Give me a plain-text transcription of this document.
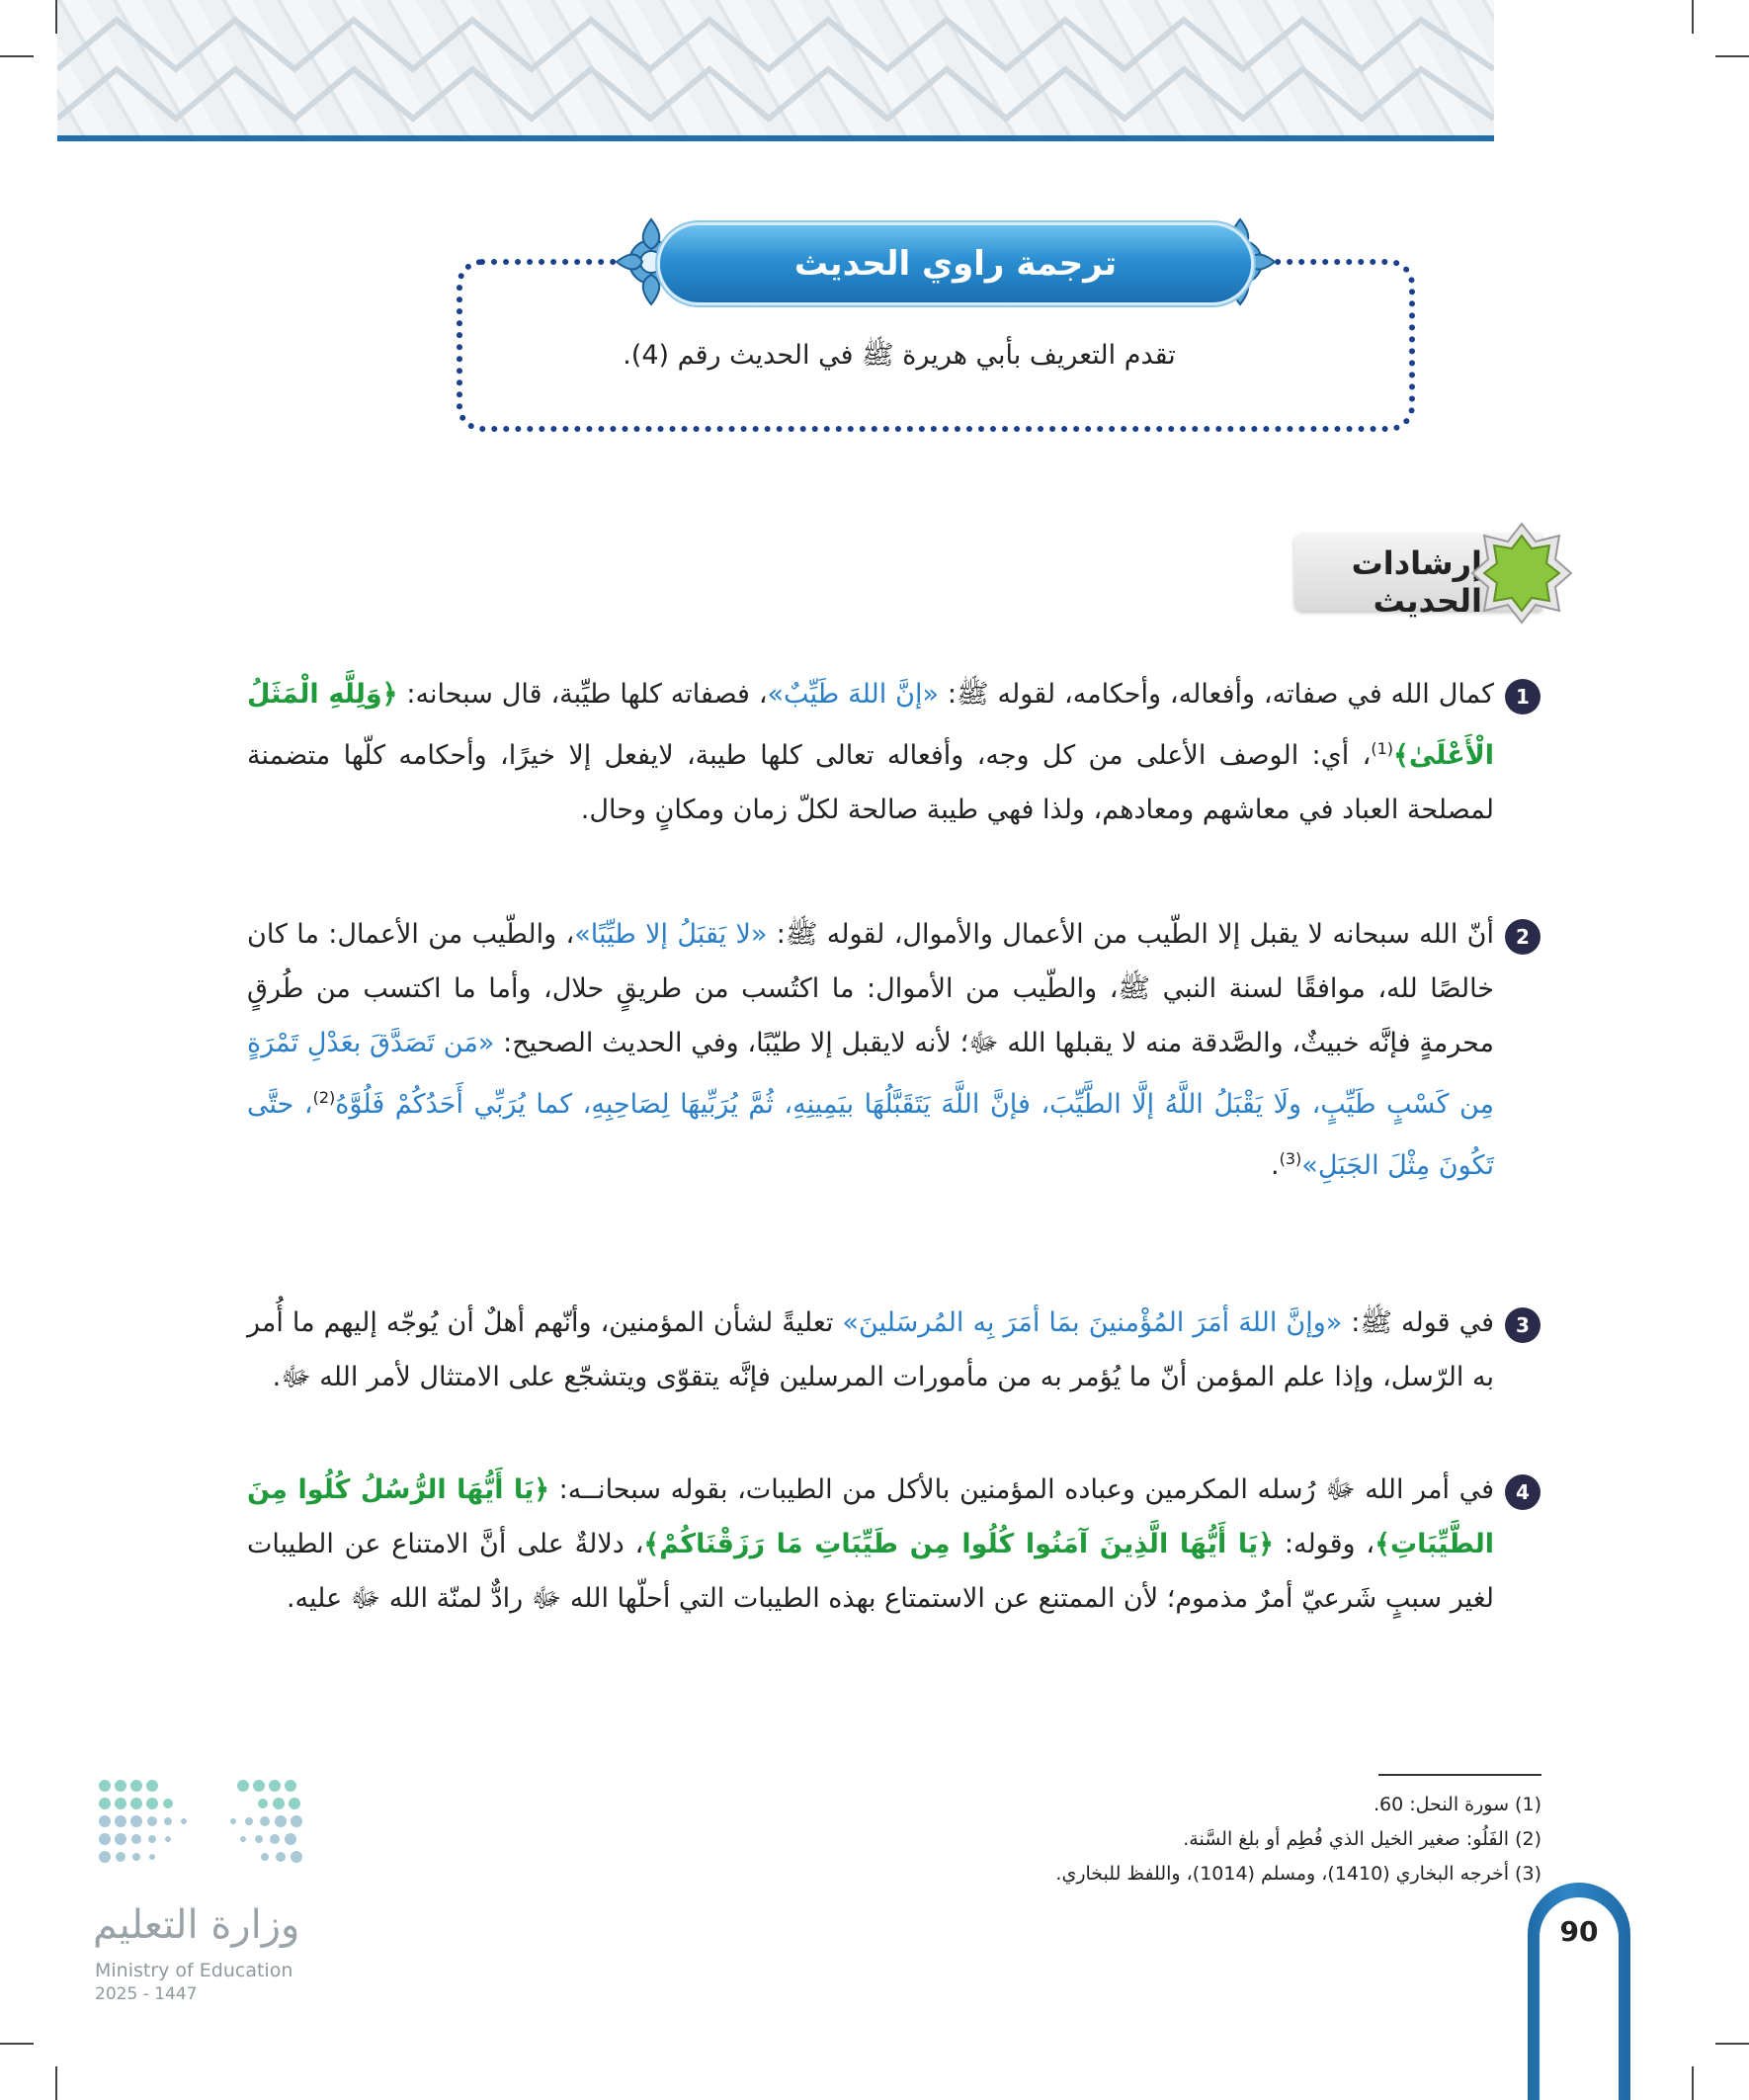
ترجمة راوي الحديث
تقدم التعريف بأبي هريرة ﷺ في الحديث رقم (4).
إرشادات الحديث
1
كمال الله في صفاته، وأفعاله، وأحكامه، لقوله ﷺ: «إنَّ اللهَ طَيِّبٌ»، فصفاته كلها طيِّبة، قال سبحانه: ﴿وَلِلَّهِ الْمَثَلُ الْأَعْلَىٰ﴾$^{(1)}$، أي: الوصف الأعلى من كل وجه، وأفعاله تعالى كلها طيبة، لايفعل إلا خيرًا، وأحكامه كلّها متضمنة لمصلحة العباد في معاشهم ومعادهم، ولذا فهي طيبة صالحة لكلّ زمان ومكانٍ وحال.
2
أنّ الله سبحانه لا يقبل إلا الطّيب من الأعمال والأموال، لقوله ﷺ: «لا يَقبَلُ إلا طيِّبًا»، والطّيب من الأعمال: ما كان خالصًا لله، موافقًا لسنة النبي ﷺ، والطّيب من الأموال: ما اكتُسب من طريقٍ حلال، وأما ما اكتسب من طُرقٍ محرمةٍ فإنَّه خبيثٌ، والصَّدقة منه لا يقبلها الله ﷻ؛ لأنه لايقبل إلا طيّبًا، وفي الحديث الصحيح: «مَن تَصَدَّقَ بعَدْلِ تَمْرَةٍ مِن كَسْبٍ طَيِّبٍ، ولَا يَقْبَلُ اللَّهُ إلَّا الطَّيِّبَ، فإنَّ اللَّهَ يَتَقَبَّلُهَا بيَمِينِهِ، ثُمَّ يُرَبِّيهَا لِصَاحِبِهِ، كما يُرَبِّي أَحَدُكُمْ فَلُوَّهُ$^{(2)}$، حتَّى تَكُونَ مِثْلَ الجَبَلِ»$^{(3)}$.
3
في قوله ﷺ: «وإنَّ اللهَ أمَرَ المُؤْمنينَ بمَا أمَرَ بِه المُرسَلينَ» تعليةً لشأن المؤمنين، وأنّهم أهلٌ أن يُوجّه إليهم ما أُمر به الرّسل، وإذا علم المؤمن أنّ ما يُؤمر به من مأمورات المرسلين فإنَّه يتقوّى ويتشجّع على الامتثال لأمر الله ﷻ.
4
في أمر الله ﷻ رُسله المكرمين وعباده المؤمنين بالأكل من الطيبات، بقوله سبحانــه: ﴿يَا أَيُّهَا الرُّسُلُ كُلُوا مِنَ الطَّيِّبَاتِ﴾، وقوله: ﴿يَا أَيُّهَا الَّذِينَ آمَنُوا كُلُوا مِن طَيِّبَاتِ مَا رَزَقْنَاكُمْ﴾، دلالةٌ على أنَّ الامتناع عن الطيبات لغير سببٍ شَرعيّ أمرٌ مذموم؛ لأن الممتنع عن الاستمتاع بهذه الطيبات التي أحلّها الله ﷻ رادٌّ لمنّة الله ﷻ عليه.
(1) سورة النحل: 60.
(2) الفَلُو: صغير الخيل الذي فُطِم أو بلغ السَّنة.
(3) أخرجه البخاري (1410)، ومسلم (1014)، واللفظ للبخاري.
وزارة التعليم
Ministry of Education
2025 - 1447
90
